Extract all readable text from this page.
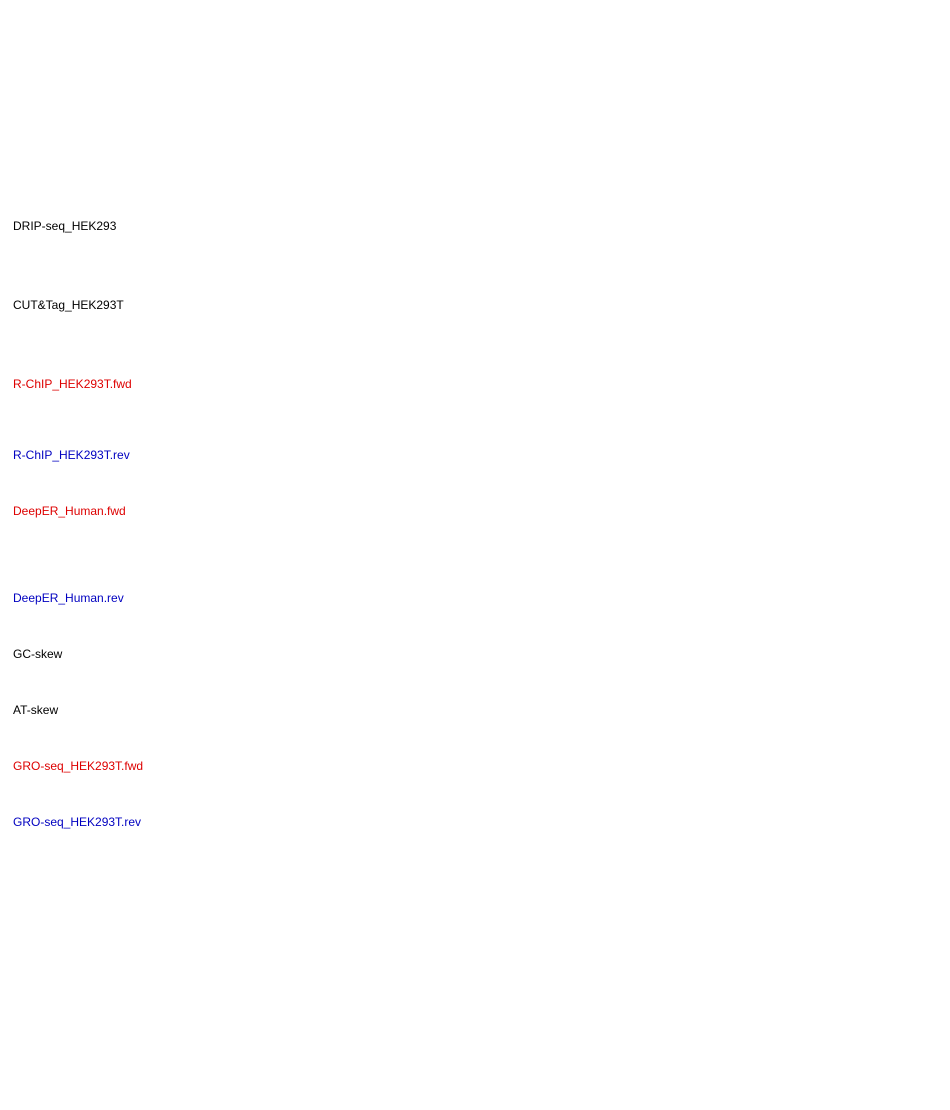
DRIP-seq_HEK293
CUT&Tag_HEK293T
R-ChIP_HEK293T.fwd
R-ChIP_HEK293T.rev
DeepER_Human.fwd
DeepER_Human.rev
GC-skew
AT-skew
GRO-seq_HEK293T.fwd
GRO-seq_HEK293T.rev
